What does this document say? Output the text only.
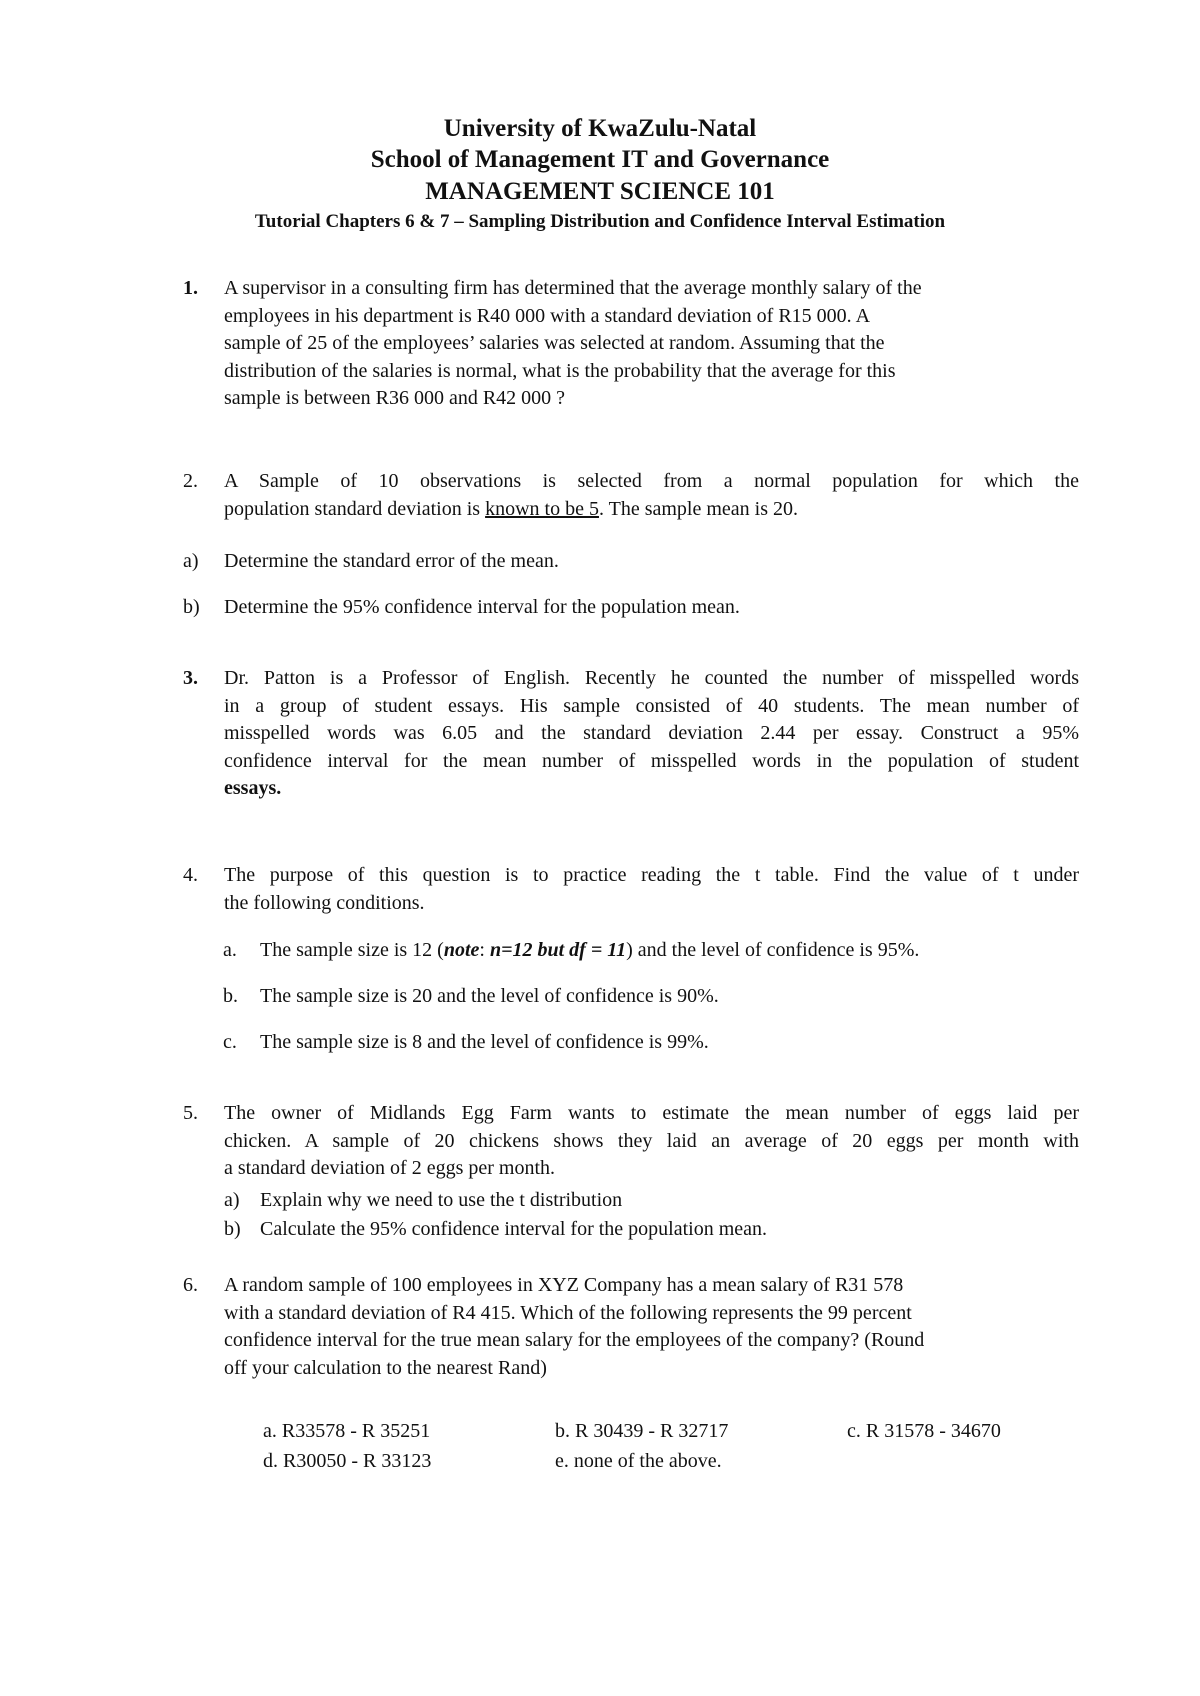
University of KwaZulu-Natal
School of Management IT and Governance
MANAGEMENT SCIENCE 101
Tutorial Chapters 6 & 7 – Sampling Distribution and Confidence Interval Estimation
1. A supervisor in a consulting firm has determined that the average monthly salary of the
employees in his department is R40 000 with a standard deviation of R15 000. A
sample of 25 of the employees’ salaries was selected at random. Assuming that the
distribution of the salaries is normal, what is the probability that the average for this
sample is between R36 000 and R42 000 ?
2. A Sample of 10 observations is selected from a normal population for which the
population standard deviation is known to be 5. The sample mean is 20.
a) Determine the standard error of the mean.
b) Determine the 95% confidence interval for the population mean.
3. Dr. Patton is a Professor of English. Recently he counted the number of misspelled words
in a group of student essays. His sample consisted of 40 students. The mean number of
misspelled words was 6.05 and the standard deviation 2.44 per essay. Construct a 95%
confidence interval for the mean number of misspelled words in the population of student
essays.
4. The purpose of this question is to practice reading the t table. Find the value of t under
the following conditions.
a. The sample size is 12 (note: n=12 but df = 11) and the level of confidence is 95%.
b. The sample size is 20 and the level of confidence is 90%.
c. The sample size is 8 and the level of confidence is 99%.
5. The owner of Midlands Egg Farm wants to estimate the mean number of eggs laid per
chicken. A sample of 20 chickens shows they laid an average of 20 eggs per month with
a standard deviation of 2 eggs per month.
a) Explain why we need to use the t distribution
b) Calculate the 95% confidence interval for the population mean.
6. A random sample of 100 employees in XYZ Company has a mean salary of R31 578
with a standard deviation of R4 415. Which of the following represents the 99 percent
confidence interval for the true mean salary for the employees of the company? (Round
off your calculation to the nearest Rand)
a. R33578 - R 35251	b. R 30439 - R 32717	c. R 31578 - 34670
d. R30050 - R 33123	e. none of the above.
